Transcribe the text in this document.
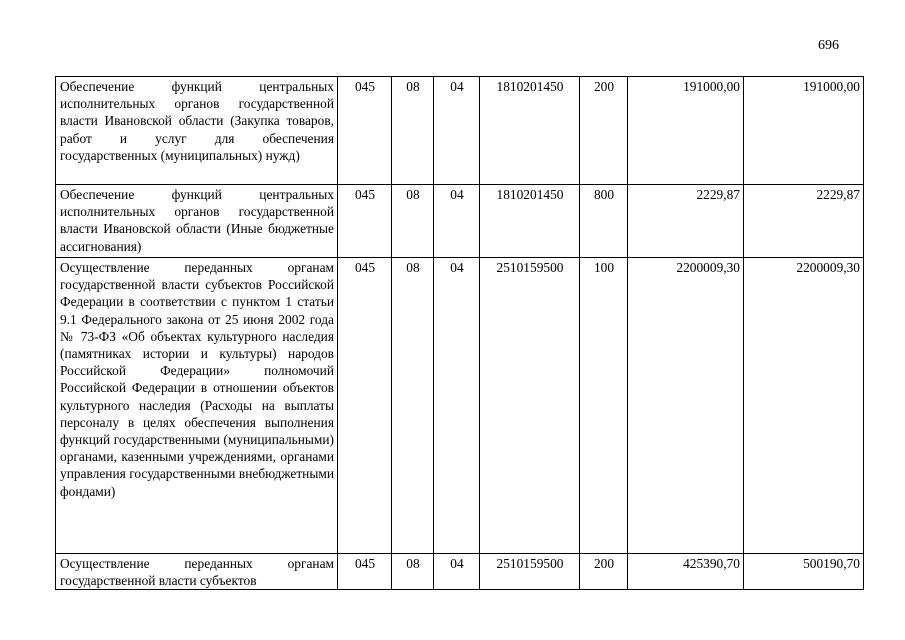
696
Обеспечение функций центральных исполнительных органов государственной власти Ивановской области (Закупка товаров, работ и услуг для обеспечения государственных (муниципальных) нужд)	045	08	04	1810201450	200	191000,00	191000,00
Обеспечение функций центральных исполнительных органов государственной власти Ивановской области (Иные бюджетные ассигнования)	045	08	04	1810201450	800	2229,87	2229,87
Осуществление переданных органам государственной власти субъектов Российской Федерации в соответствии с пунктом 1 статьи 9.1 Федерального закона от 25 июня 2002 года № 73-ФЗ «Об объектах культурного наследия (памятниках истории и культуры) народов Российской Федерации» полномочий Российской Федерации в отношении объектов культурного наследия (Расходы на выплаты персоналу в целях обеспечения выполнения функций государственными (муниципальными) органами, казенными учреждениями, органами управления государственными внебюджетными фондами)	045	08	04	2510159500	100	2200009,30	2200009,30

Осуществление переданных органам государственной власти субъектов	045	08	04	2510159500	200	425390,70	500190,70
